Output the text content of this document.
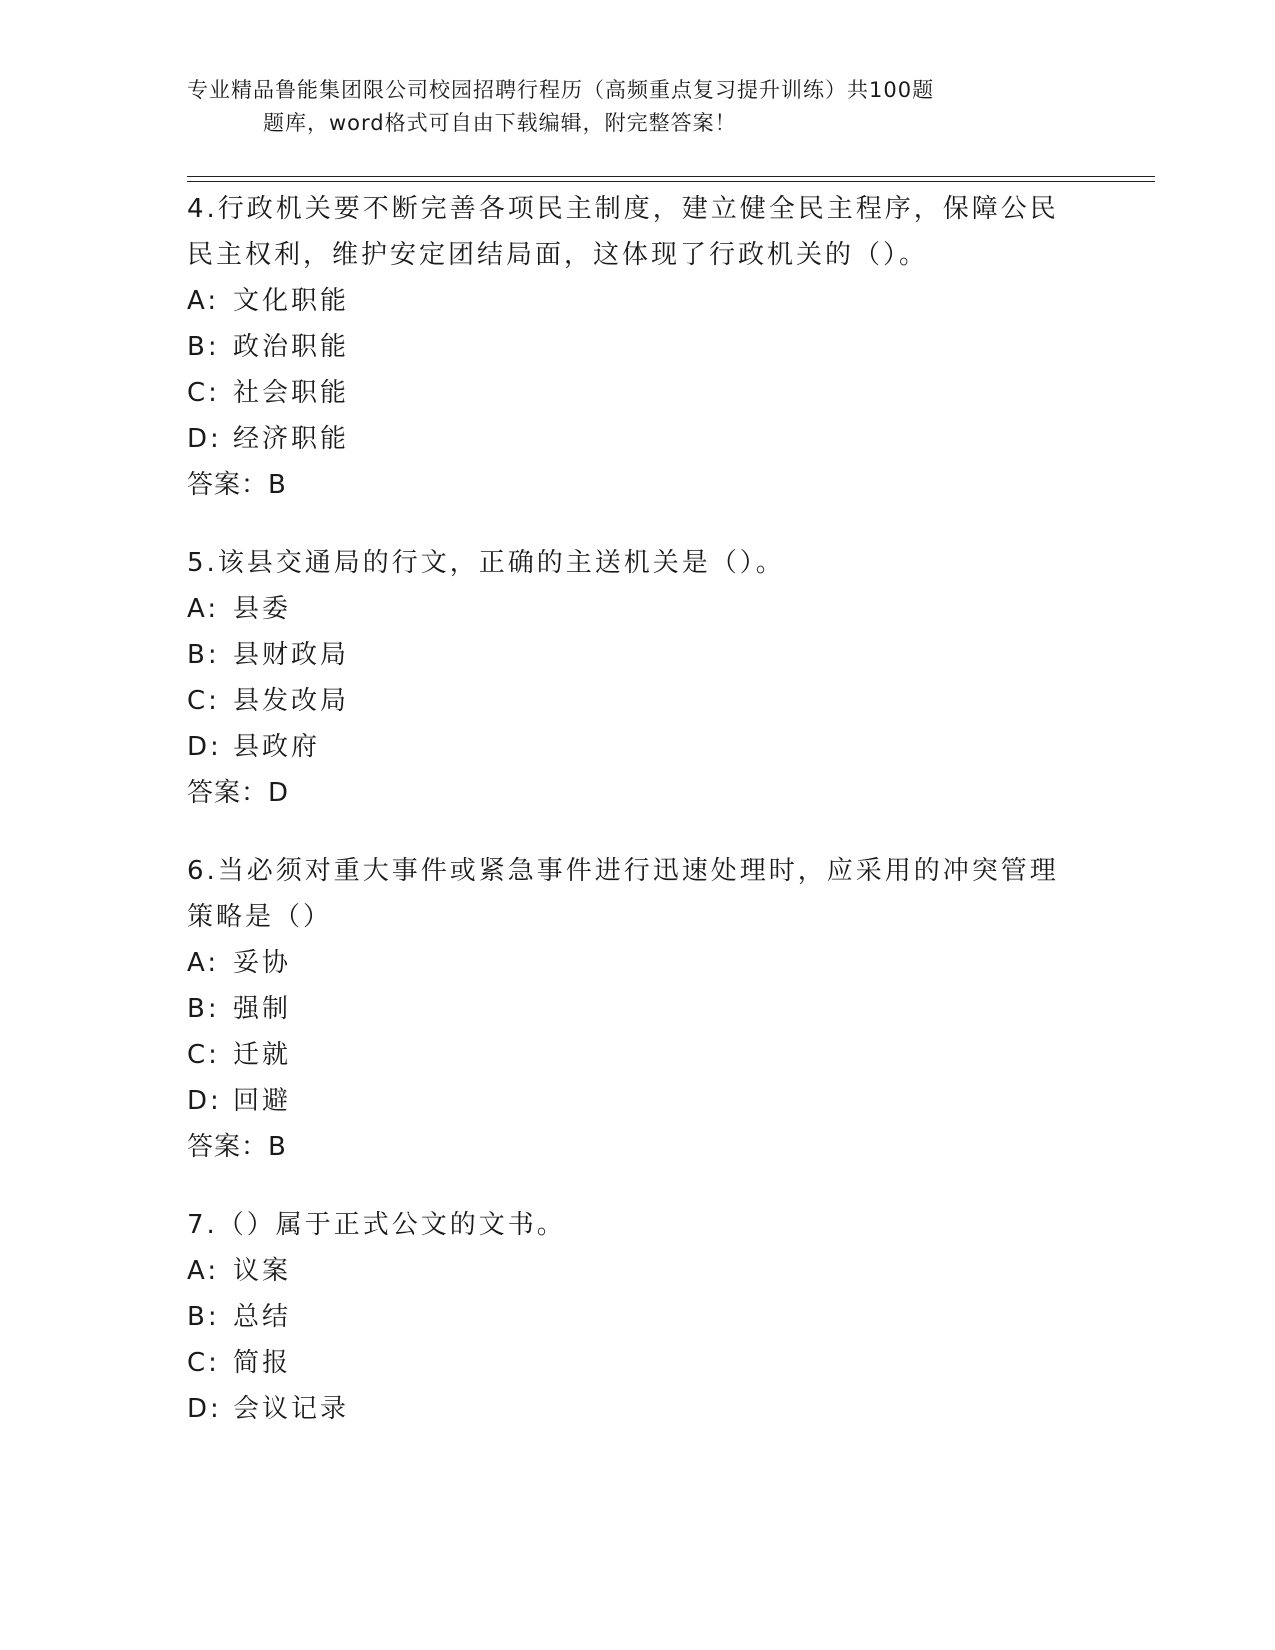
专业精品鲁能集团限公司校园招聘行程历（高频重点复习提升训练）共100题
题库，word格式可自由下载编辑，附完整答案！
4.行政机关要不断完善各项民主制度，建立健全民主程序，保障公民
民主权利，维护安定团结局面，这体现了行政机关的（）。
A: 文化职能
B: 政治职能
C: 社会职能
D: 经济职能
答案：B
5.该县交通局的行文，正确的主送机关是（）。
A: 县委
B: 县财政局
C: 县发改局
D: 县政府
答案：D
6.当必须对重大事件或紧急事件进行迅速处理时，应采用的冲突管理
策略是（）
A: 妥协
B: 强制
C: 迁就
D: 回避
答案：B
7.（）属于正式公文的文书。
A: 议案
B: 总结
C: 简报
D: 会议记录
